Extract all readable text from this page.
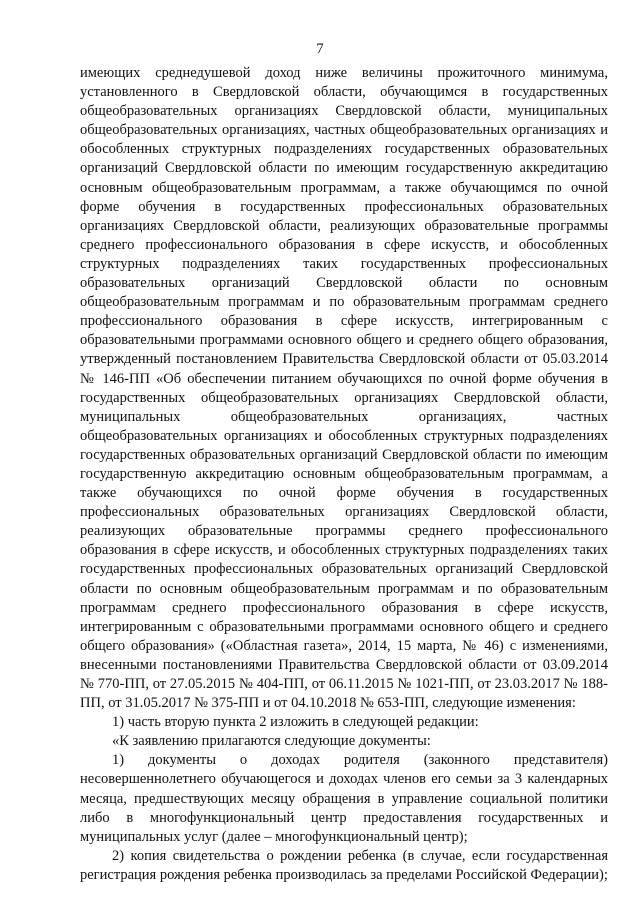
7

имеющих среднедушевой доход ниже величины прожиточного минимума, установленного в Свердловской области, обучающимся в государственных общеобразовательных организациях Свердловской области, муниципальных общеобразовательных организациях, частных общеобразовательных организациях и обособленных структурных подразделениях государственных образовательных организаций Свердловской области по имеющим государственную аккредитацию основным общеобразовательным программам, а также обучающимся по очной форме обучения в государственных профессиональных образовательных организациях Свердловской области, реализующих образовательные программы среднего профессионального образования в сфере искусств, и обособленных структурных подразделениях таких государственных профессиональных образовательных организаций Свердловской области по основным общеобразовательным программам и по образовательным программам среднего профессионального образования в сфере искусств, интегрированным с образовательными программами основного общего и среднего общего образования, утвержденный постановлением Правительства Свердловской области от 05.03.2014 № 146-ПП «Об обеспечении питанием обучающихся по очной форме обучения в государственных общеобразовательных организациях Свердловской области, муниципальных общеобразовательных организациях, частных общеобразовательных организациях и обособленных структурных подразделениях государственных образовательных организаций Свердловской области по имеющим государственную аккредитацию основным общеобразовательным программам, а также обучающихся по очной форме обучения в государственных профессиональных образовательных организациях Свердловской области, реализующих образовательные программы среднего профессионального образования в сфере искусств, и обособленных структурных подразделениях таких государственных профессиональных образовательных организаций Свердловской области по основным общеобразовательным программам и по образовательным программам среднего профессионального образования в сфере искусств, интегрированным с образовательными программами основного общего и среднего общего образования» («Областная газета», 2014, 15 марта, № 46) с изменениями, внесенными постановлениями Правительства Свердловской области от 03.09.2014 № 770-ПП, от 27.05.2015 № 404-ПП, от 06.11.2015 № 1021-ПП, от 23.03.2017 № 188-ПП, от 31.05.2017 № 375-ПП и от 04.10.2018 № 653-ПП, следующие изменения:

1) часть вторую пункта 2 изложить в следующей редакции:

«К заявлению прилагаются следующие документы:

1) документы о доходах родителя (законного представителя) несовершеннолетнего обучающегося и доходах членов его семьи за 3 календарных месяца, предшествующих месяцу обращения в управление социальной политики либо в многофункциональный центр предоставления государственных и муниципальных услуг (далее – многофункциональный центр);

2) копия свидетельства о рождении ребенка (в случае, если государственная регистрация рождения ребенка производилась за пределами Российской Федерации);
